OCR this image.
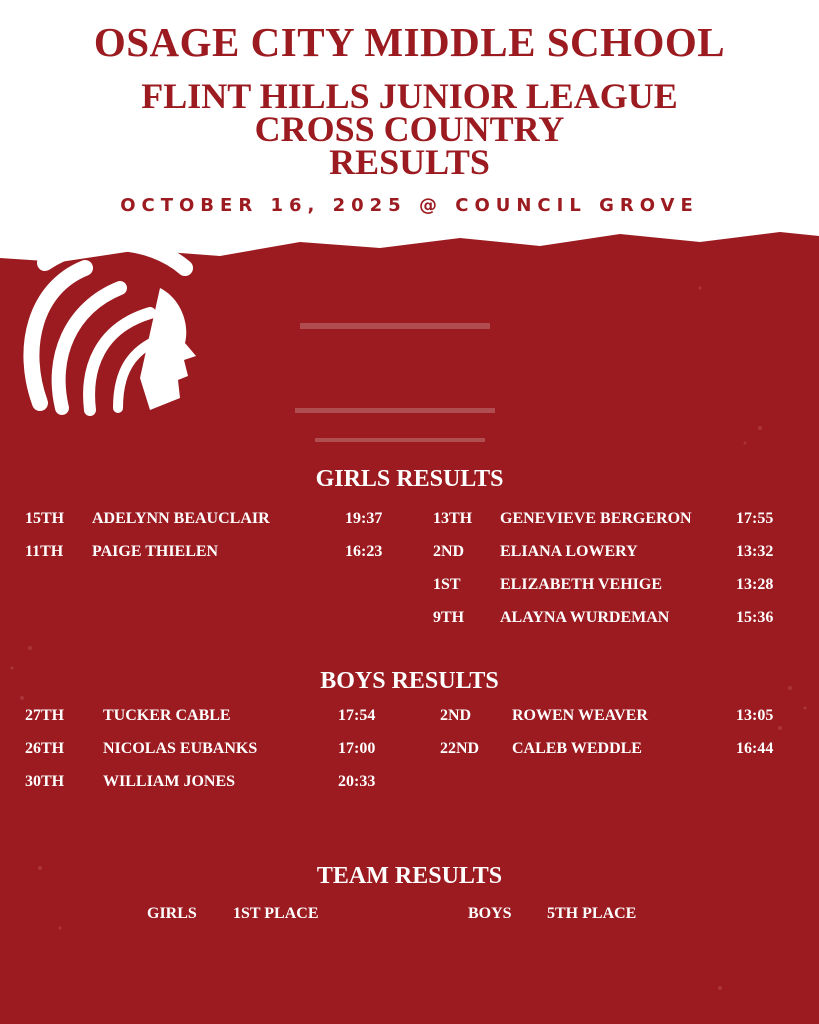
OSAGE CITY MIDDLE SCHOOL
FLINT HILLS JUNIOR LEAGUE
CROSS COUNTRY
RESULTS
OCTOBER 16, 2025 @ COUNCIL GROVE
GIRLS RESULTS
15TH ADELYNN BEAUCLAIR	19:37
11TH PAIGE THIELEN	16:23
13TH GENEVIEVE BERGERON	17:55
2ND ELIANA LOWERY	13:32
1ST ELIZABETH VEHIGE	13:28
9TH ALAYNA WURDEMAN	15:36
BOYS RESULTS
27TH TUCKER CABLE	17:54
26TH NICOLAS EUBANKS	17:00
30TH WILLIAM JONES	20:33
2ND	ROWEN WEAVER	13:05
22ND CALEB WEDDLE	16:44
TEAM RESULTS
GIRLS 1ST PLACE	BOYS 5TH PLACE
